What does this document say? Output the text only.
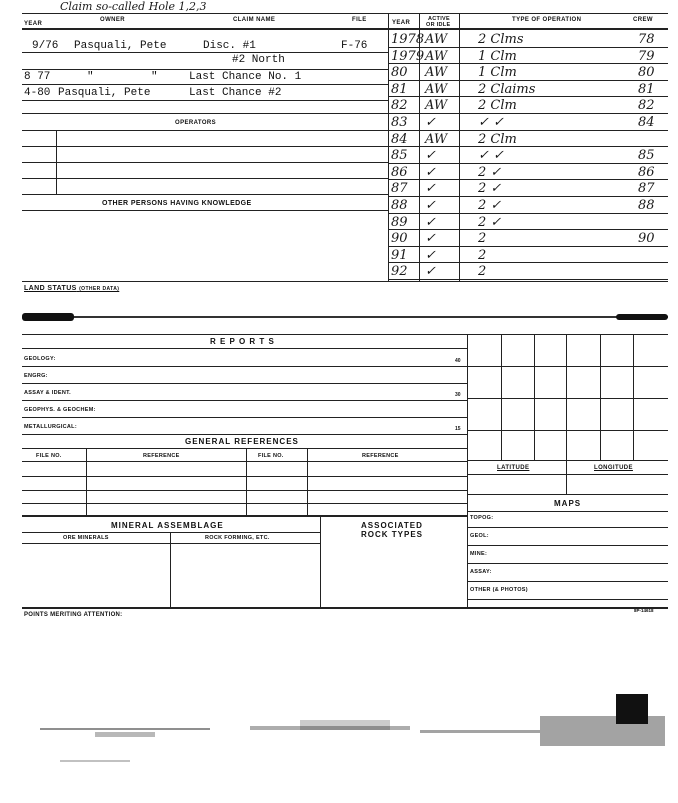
Claim so-called Hole 1,2,3
YEAR
OWNER	CLAIM NAME	FILE
9/76 Pasquali, Pete	Disc. #1	F-76
#2 North
8 77	"	"	Last Chance No. 1
4-80 Pasquali, Pete	Last Chance #2
OPERATORS
OTHER PERSONS HAVING KNOWLEDGE
YEAR
ACTIVE
OR IDLE
TYPE OF OPERATION	CREW
1978 AW 2 Clms	78
1979 AW 1 Clm	79
80 AW 1 Clm	80
81 AW 2 Claims	81
82 AW 2 Clm	82
83 ✓	✓ ✓	84
84 AW 2 Clm
85 ✓	✓ ✓	85
86 ✓	2 ✓	86
87 ✓	2 ✓	87
88 ✓	2 ✓	88
89 ✓	2 ✓
90 ✓	2	90
91 ✓	2
92 ✓	2
LAND STATUS (OTHER DATA)
R E P O R T S
GEOLOGY:	40
ENGRG:
ASSAY & IDENT.	30
GEOPHYS. & GEOCHEM:
METALLURGICAL:	15
GENERAL REFERENCES
FILE NO.	REFERENCE	FILE NO.	REFERENCE
MINERAL ASSEMBLAGE
ORE MINERALS	ROCK FORMING, ETC.
ASSOCIATED
ROCK TYPES
LATITUDE	LONGITUDE
MAPS
TOPOG:
GEOL:
MINE:
ASSAY:
OTHER (& PHOTOS)
POINTS MERITING ATTENTION:
8P-14618
